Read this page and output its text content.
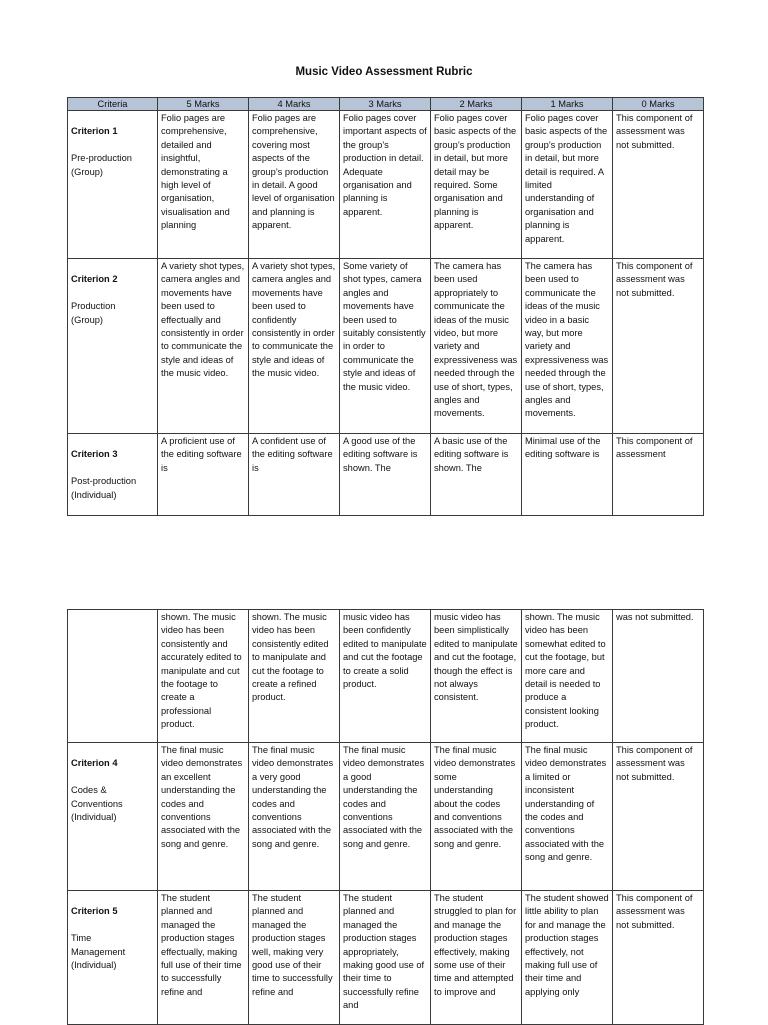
Music Video Assessment Rubric
Criteria	5 Marks	4 Marks	3 Marks	2 Marks	1 Marks	0 Marks

Criterion 1

Pre-production
(Group)	Folio pages are comprehensive, detailed and insightful, demonstrating a high level of organisation, visualisation and planning	Folio pages are comprehensive, covering most aspects of the group’s production in detail. A good level of organisation and planning is apparent.	Folio pages cover important aspects of the group’s production in detail. Adequate organisation and planning is apparent.	Folio pages cover basic aspects of the group’s production in detail, but more detail may be required. Some organisation and planning is apparent.	Folio pages cover basic aspects of the group’s production in detail, but more detail is required. A limited understanding of organisation and planning is apparent.	This component of assessment was not submitted.

Criterion 2

Production
(Group)	A variety shot types, camera angles and movements have been used to effectually and consistently in order to communicate the style and ideas of the music video.	A variety shot types, camera angles and movements have been used to confidently consistently in order to communicate the style and ideas of the music video.	Some variety of shot types, camera angles and movements have been used to suitably consistently in order to communicate the style and ideas of the music video.	The camera has been used appropriately to communicate the ideas of the music video, but more variety and expressiveness was needed through the use of short, types, angles and movements.	The camera has been used to communicate the ideas of the music video in a basic way, but more variety and expressiveness was needed through the use of short, types, angles and movements.	This component of assessment was not submitted.

Criterion 3

Post-production
(Individual)	A proficient use of the editing software is	A confident use of the editing software is	A good use of the editing software is shown. The	A basic use of the editing software is shown. The	Minimal use of the editing software is	This component of assessment

	shown. The music video has been consistently and accurately edited to manipulate and cut the footage to create a professional product.	shown. The music video has been consistently edited to manipulate and cut the footage to create a refined product.	music video has been confidently edited to manipulate and cut the footage to create a solid product.	music video has been simplistically edited to manipulate and cut the footage, though the effect is not always consistent.	shown. The music video has been somewhat edited to cut the footage, but more care and detail is needed to produce a consistent looking product.	was not submitted.

Criterion 4

Codes &
Conventions
(Individual)	The final music video demonstrates an excellent understanding the codes and conventions associated with the song and genre.	The final music video demonstrates a very good understanding the codes and conventions associated with the song and genre.	The final music video demonstrates a good understanding the codes and conventions associated with the song and genre.	The final music video demonstrates some understanding about the codes and conventions associated with the song and genre.	The final music video demonstrates a limited or inconsistent understanding of the codes and conventions associated with the song and genre.	This component of assessment was not submitted.

Criterion 5

Time
Management
(Individual)	The student planned and managed the production stages effectually, making full use of their time to successfully refine and	The student planned and managed the production stages well, making very good use of their time to successfully refine and	The student planned and managed the production stages appropriately, making good use of their time to successfully refine and	The student struggled to plan for and manage the production stages effectively, making some use of their time and attempted to improve and	The student showed little ability to plan for and manage the production stages effectively, not making full use of their time and applying only	This component of assessment was not submitted.
